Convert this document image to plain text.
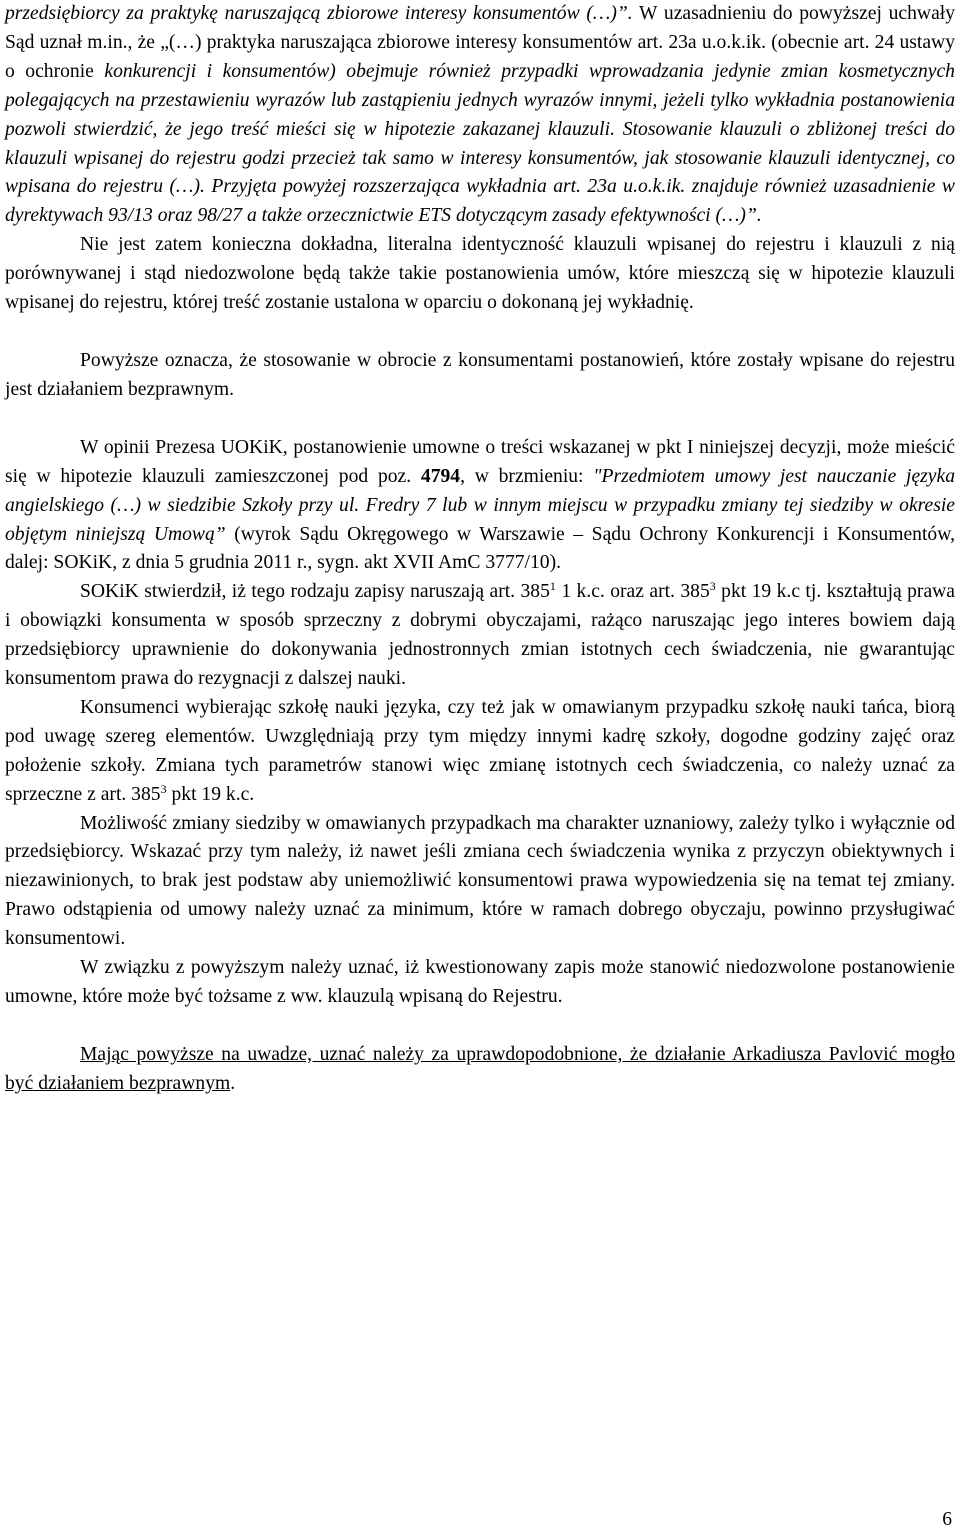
przedsiębiorcy za praktykę naruszającą zbiorowe interesy konsumentów (…)”. W uzasadnieniu do powyższej uchwały Sąd uznał m.in., że „(…) praktyka naruszająca zbiorowe interesy konsumentów art. 23a u.o.k.ik. (obecnie art. 24 ustawy o ochronie konkurencji i konsumentów) obejmuje również przypadki wprowadzania jedynie zmian kosmetycznych polegających na przestawieniu wyrazów lub zastąpieniu jednych wyrazów innymi, jeżeli tylko wykładnia postanowienia pozwoli stwierdzić, że jego treść mieści się w hipotezie zakazanej klauzuli. Stosowanie klauzuli o zbliżonej treści do klauzuli wpisanej do rejestru godzi przecież tak samo w interesy konsumentów, jak stosowanie klauzuli identycznej, co wpisana do rejestru (…). Przyjęta powyżej rozszerzająca wykładnia art. 23a u.o.k.ik. znajduje również uzasadnienie w dyrektywach 93/13 oraz 98/27 a także orzecznictwie ETS dotyczącym zasady efektywności (…)”.

Nie jest zatem konieczna dokładna, literalna identyczność klauzuli wpisanej do rejestru i klauzuli z nią porównywanej i stąd niedozwolone będą także takie postanowienia umów, które mieszczą się w hipotezie klauzuli wpisanej do rejestru, której treść zostanie ustalona w oparciu o dokonaną jej wykładnię.

Powyższe oznacza, że stosowanie w obrocie z konsumentami postanowień, które zostały wpisane do rejestru jest działaniem bezprawnym.

W opinii Prezesa UOKiK, postanowienie umowne o treści wskazanej w pkt I niniejszej decyzji, może mieścić się w hipotezie klauzuli zamieszczonej pod poz. 4794, w brzmieniu: "Przedmiotem umowy jest nauczanie języka angielskiego (…) w siedzibie Szkoły przy ul. Fredry 7 lub w innym miejscu w przypadku zmiany tej siedziby w okresie objętym niniejszą Umową” (wyrok Sądu Okręgowego w Warszawie – Sądu Ochrony Konkurencji i Konsumentów, dalej: SOKiK, z dnia 5 grudnia 2011 r., sygn. akt XVII AmC 3777/10).

SOKiK stwierdził, iż tego rodzaju zapisy naruszają art. $385^1$ 1 k.c. oraz art. $385^3$ pkt 19 k.c tj. kształtują prawa i obowiązki konsumenta w sposób sprzeczny z dobrymi obyczajami, rażąco naruszając jego interes bowiem dają przedsiębiorcy uprawnienie do dokonywania jednostronnych zmian istotnych cech świadczenia, nie gwarantując konsumentom prawa do rezygnacji z dalszej nauki.

Konsumenci wybierając szkołę nauki języka, czy też jak w omawianym przypadku szkołę nauki tańca, biorą pod uwagę szereg elementów. Uwzględniają przy tym między innymi kadrę szkoły, dogodne godziny zajęć oraz położenie szkoły. Zmiana tych parametrów stanowi więc zmianę istotnych cech świadczenia, co należy uznać za sprzeczne z art. $385^3$ pkt 19 k.c.

Możliwość zmiany siedziby w omawianych przypadkach ma charakter uznaniowy, zależy tylko i wyłącznie od przedsiębiorcy. Wskazać przy tym należy, iż nawet jeśli zmiana cech świadczenia wynika z przyczyn obiektywnych i niezawinionych, to brak jest podstaw aby uniemożliwić konsumentowi prawa wypowiedzenia się na temat tej zmiany. Prawo odstąpienia od umowy należy uznać za minimum, które w ramach dobrego obyczaju, powinno przysługiwać konsumentowi.

W związku z powyższym należy uznać, iż kwestionowany zapis może stanowić niedozwolone postanowienie umowne, które może być tożsame z ww. klauzulą wpisaną do Rejestru.

Mając powyższe na uwadze, uznać należy za uprawdopodobnione, że działanie Arkadiusza Pavlović mogło być działaniem bezprawnym.

6
